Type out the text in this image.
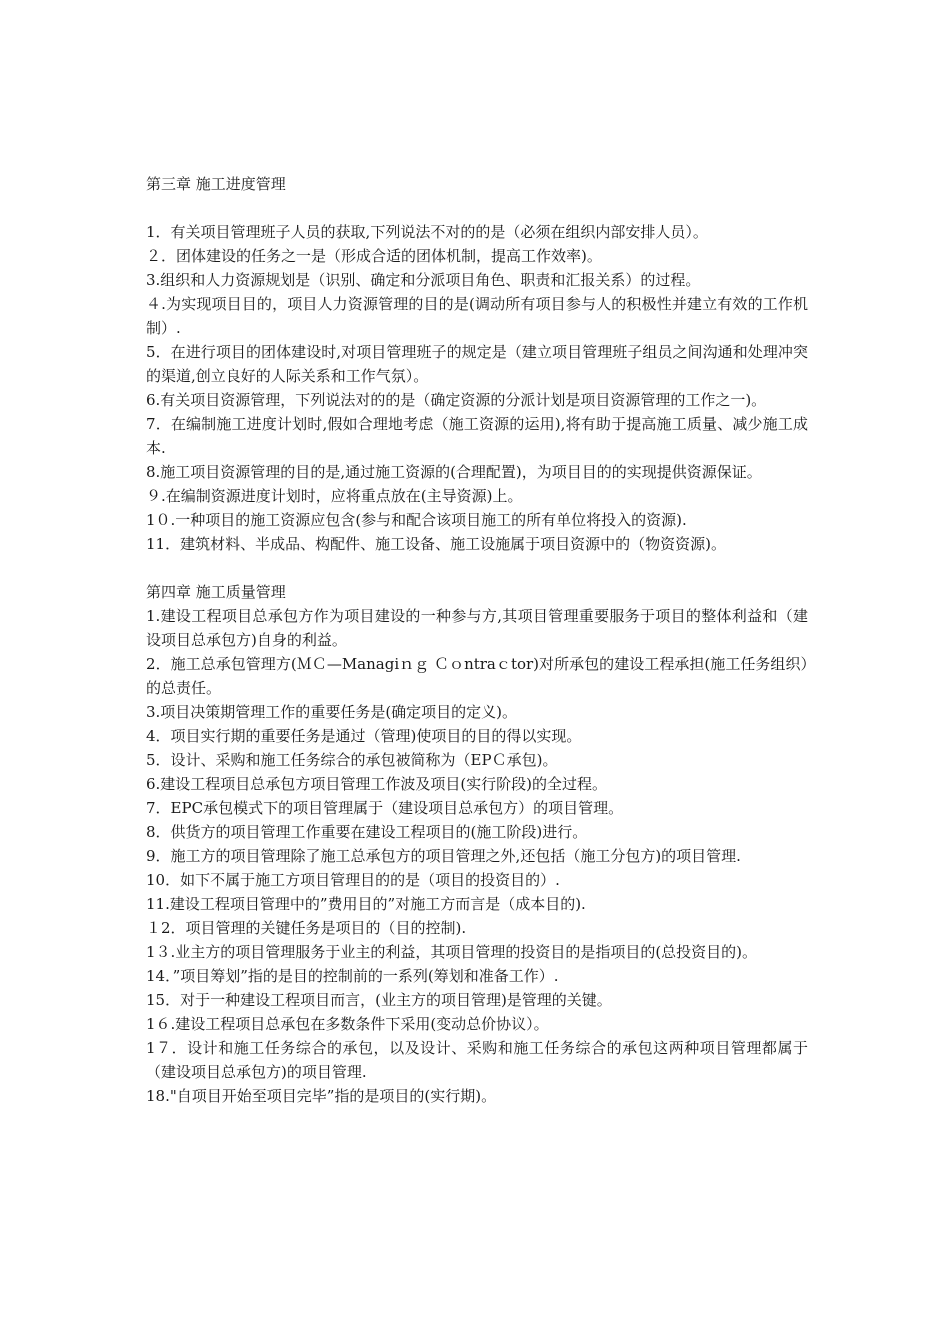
第三章 施工进度管理

1．有关项目管理班子人员的获取,下列说法不对的的是（必须在组织内部安排人员）。

２．团体建设的任务之一是（形成合适的团体机制，提高工作效率)。

3.组织和人力资源规划是（识别、确定和分派项目角色、职责和汇报关系）的过程。

４.为实现项目目的，项目人力资源管理的目的是(调动所有项目参与人的积极性并建立有效的工作机制）.

5．在进行项目的团体建设时,对项目管理班子的规定是（建立项目管理班子组员之间沟通和处理冲突的渠道,创立良好的人际关系和工作气氛）。

6.有关项目资源管理，下列说法对的的是（确定资源的分派计划是项目资源管理的工作之一)。

7．在编制施工进度计划时,假如合理地考虑（施工资源的运用),将有助于提高施工质量、减少施工成本.

8.施工项目资源管理的目的是,通过施工资源的(合理配置)，为项目目的的实现提供资源保证。

９.在编制资源进度计划时，应将重点放在(主导资源)上。

1０.一种项目的施工资源应包含(参与和配合该项目施工的所有单位将投入的资源).

11．建筑材料、半成品、构配件、施工设备、施工设施属于项目资源中的（物资资源)。

第四章 施工质量管理

1.建设工程项目总承包方作为项目建设的一种参与方,其项目管理重要服务于项目的整体利益和（建设项目总承包方)自身的利益。

2．施工总承包管理方(ＭＣ—Managiｎｇ Ｃｏntraｃtor)对所承包的建设工程承担(施工任务组织）的总责任。

3.项目决策期管理工作的重要任务是(确定项目的定义)。

4．项目实行期的重要任务是通过（管理)使项目的目的得以实现。

5．设计、采购和施工任务综合的承包被简称为（EPＣ承包)。

6.建设工程项目总承包方项目管理工作波及项目(实行阶段)的全过程。

7．EPC承包模式下的项目管理属于（建设项目总承包方）的项目管理。

8．供货方的项目管理工作重要在建设工程项目的(施工阶段)进行。

9．施工方的项目管理除了施工总承包方的项目管理之外,还包括（施工分包方)的项目管理.

10．如下不属于施工方项目管理目的的是（项目的投资目的）.

11.建设工程项目管理中的”费用目的”对施工方而言是（成本目的).

１2．项目管理的关键任务是项目的（目的控制).

1３.业主方的项目管理服务于业主的利益，其项目管理的投资目的是指项目的(总投资目的)。

14．”项目筹划”指的是目的控制前的一系列(筹划和准备工作）.

15．对于一种建设工程项目而言，(业主方的项目管理)是管理的关键。

1６.建设工程项目总承包在多数条件下采用(变动总价协议）。

1７．设计和施工任务综合的承包，以及设计、采购和施工任务综合的承包这两种项目管理都属于（建设项目总承包方)的项目管理.

18."自项目开始至项目完毕”指的是项目的(实行期)。
